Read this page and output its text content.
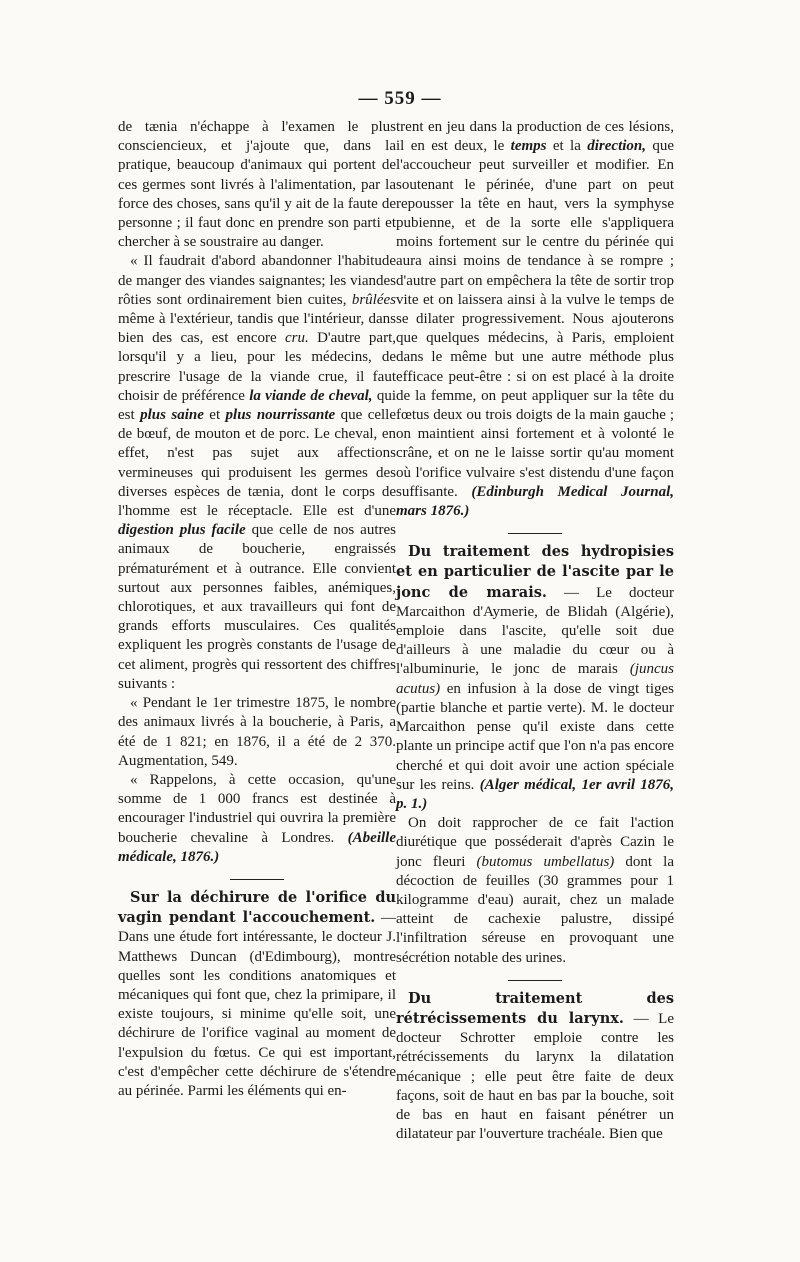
— 559 —

de tænia n'échappe à l'examen le plus consciencieux, et j'ajoute que, dans la pratique, beaucoup d'animaux qui portent de ces germes sont livrés à l'alimentation, par la force des choses, sans qu'il y ait de la faute de personne ; il faut donc en prendre son parti et chercher à se soustraire au danger.

« Il faudrait d'abord abandonner l'habitude de manger des viandes saignantes; les viandes rôties sont ordinairement bien cuites, brûlées même à l'extérieur, tandis que l'intérieur, dans bien des cas, est encore cru. D'autre part, lorsqu'il y a lieu, pour les médecins, de prescrire l'usage de la viande crue, il faut choisir de préférence la viande de cheval, qui est plus saine et plus nourrissante que celle de bœuf, de mouton et de porc. Le cheval, en effet, n'est pas sujet aux affections vermineuses qui produisent les germes des diverses espèces de tænia, dont le corps de l'homme est le réceptacle. Elle est d'une digestion plus facile que celle de nos autres animaux de boucherie, engraissés prématurément et à outrance. Elle convient surtout aux personnes faibles, anémiques, chlorotiques, et aux travailleurs qui font de grands efforts musculaires. Ces qualités expliquent les progrès constants de l'usage de cet aliment, progrès qui ressortent des chiffres suivants :

« Pendant le 1er trimestre 1875, le nombre des animaux livrés à la boucherie, à Paris, a été de 1 821; en 1876, il a été de 2 370. Augmentation, 549.

« Rappelons, à cette occasion, qu'une somme de 1 000 francs est destinée à encourager l'industriel qui ouvrira la première boucherie chevaline à Londres. (Abeille médicale, 1876.)

Sur la déchirure de l'orifice du vagin pendant l'accouchement. — Dans une étude fort intéressante, le docteur J. Matthews Duncan (d'Edimbourg), montre quelles sont les conditions anatomiques et mécaniques qui font que, chez la primipare, il existe toujours, si minime qu'elle soit, une déchirure de l'orifice vaginal au moment de l'expulsion du fœtus. Ce qui est important, c'est d'empêcher cette déchirure de s'étendre au périnée. Parmi les éléments qui en-

trent en jeu dans la production de ces lésions, il en est deux, le temps et la direction, que l'accoucheur peut surveiller et modifier. En soutenant le périnée, d'une part on peut repousser la tête en haut, vers la symphyse pubienne, et de la sorte elle s'appliquera moins fortement sur le centre du périnée qui aura ainsi moins de tendance à se rompre ; d'autre part on empêchera la tête de sortir trop vite et on laissera ainsi à la vulve le temps de se dilater progressivement. Nous ajouterons que quelques médecins, à Paris, emploient dans le même but une autre méthode plus efficace peut-être : si on est placé à la droite de la femme, on peut appliquer sur la tête du fœtus deux ou trois doigts de la main gauche ; on maintient ainsi fortement et à volonté le crâne, et on ne le laisse sortir qu'au moment où l'orifice vulvaire s'est distendu d'une façon suffisante. (Edinburgh Medical Journal, mars 1876.)

Du traitement des hydropisies et en particulier de l'ascite par le jonc de marais. — Le docteur Marcaithon d'Aymerie, de Blidah (Algérie), emploie dans l'ascite, qu'elle soit due d'ailleurs à une maladie du cœur ou à l'albuminurie, le jonc de marais (juncus acutus) en infusion à la dose de vingt tiges (partie blanche et partie verte). M. le docteur Marcaithon pense qu'il existe dans cette plante un principe actif que l'on n'a pas encore cherché et qui doit avoir une action spéciale sur les reins. (Alger médical, 1er avril 1876, p. 1.)

On doit rapprocher de ce fait l'action diurétique que posséderait d'après Cazin le jonc fleuri (butomus umbellatus) dont la décoction de feuilles (30 grammes pour 1 kilogramme d'eau) aurait, chez un malade atteint de cachexie palustre, dissipé l'infiltration séreuse en provoquant une sécrétion notable des urines.

Du traitement des rétrécissements du larynx. — Le docteur Schrotter emploie contre les rétrécissements du larynx la dilatation mécanique ; elle peut être faite de deux façons, soit de haut en bas par la bouche, soit de bas en haut en faisant pénétrer un dilatateur par l'ouverture trachéale. Bien que
